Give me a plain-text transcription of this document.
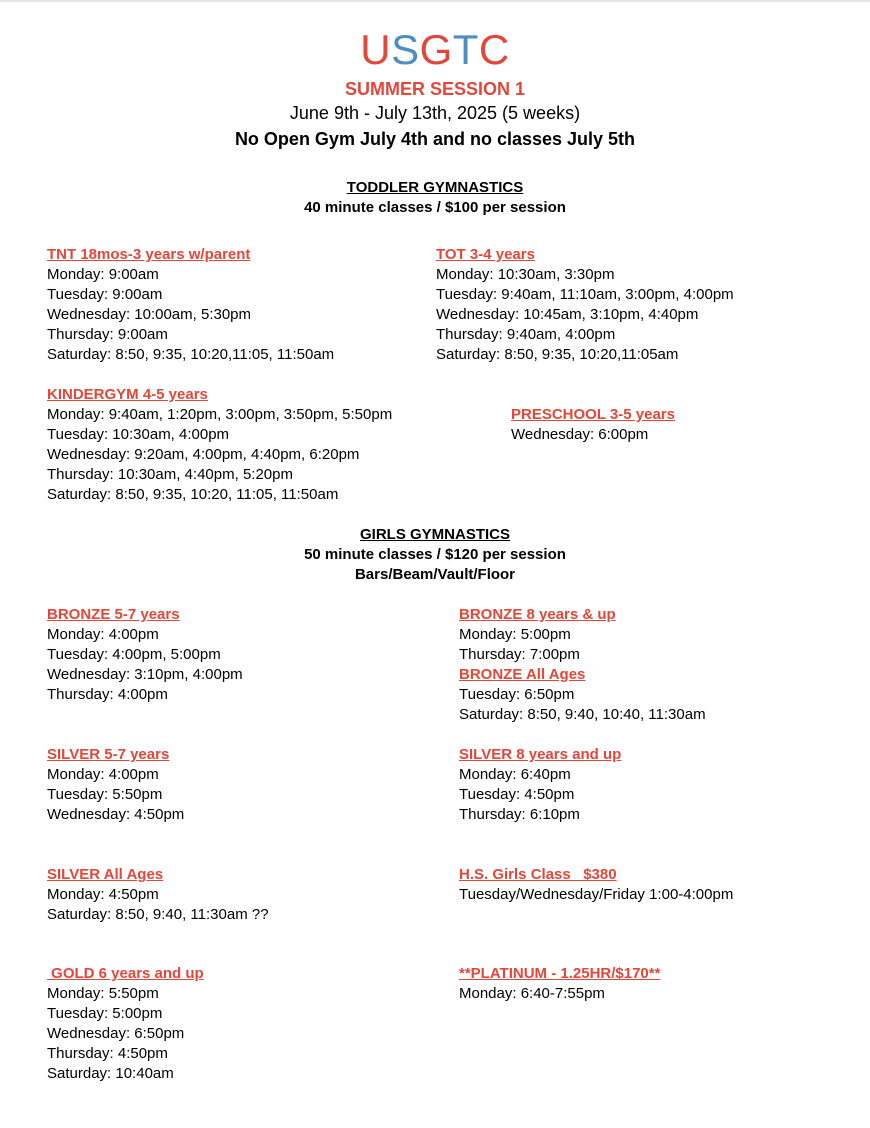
USGTC
SUMMER SESSION 1
June 9th - July 13th, 2025 (5 weeks)
No Open Gym July 4th and no classes July 5th
TODDLER GYMNASTICS
40 minute classes / $100 per session
TNT 18mos-3 years w/parent
Monday: 9:00am
Tuesday: 9:00am
Wednesday: 10:00am, 5:30pm
Thursday: 9:00am
Saturday: 8:50, 9:35, 10:20,11:05, 11:50am
TOT 3-4 years
Monday: 10:30am, 3:30pm
Tuesday: 9:40am, 11:10am, 3:00pm, 4:00pm
Wednesday: 10:45am, 3:10pm, 4:40pm
Thursday: 9:40am, 4:00pm
Saturday: 8:50, 9:35, 10:20,11:05am
KINDERGYM 4-5 years
Monday: 9:40am, 1:20pm, 3:00pm, 3:50pm, 5:50pm
Tuesday: 10:30am, 4:00pm
Wednesday: 9:20am, 4:00pm, 4:40pm, 6:20pm
Thursday: 10:30am, 4:40pm, 5:20pm
Saturday: 8:50, 9:35, 10:20, 11:05, 11:50am
PRESCHOOL 3-5 years
Wednesday: 6:00pm
GIRLS GYMNASTICS
50 minute classes / $120 per session
Bars/Beam/Vault/Floor
BRONZE 5-7 years
Monday: 4:00pm
Tuesday: 4:00pm, 5:00pm
Wednesday: 3:10pm, 4:00pm
Thursday: 4:00pm
BRONZE 8 years & up
Monday: 5:00pm
Thursday: 7:00pm
BRONZE All Ages
Tuesday: 6:50pm
Saturday: 8:50, 9:40, 10:40, 11:30am
SILVER 5-7 years
Monday: 4:00pm
Tuesday: 5:50pm
Wednesday: 4:50pm
SILVER 8 years and up
Monday: 6:40pm
Tuesday: 4:50pm
Thursday: 6:10pm
SILVER All Ages
Monday: 4:50pm
Saturday: 8:50, 9:40, 11:30am ??
H.S. Girls Class   $380
Tuesday/Wednesday/Friday 1:00-4:00pm
GOLD 6 years and up
Monday: 5:50pm
Tuesday: 5:00pm
Wednesday: 6:50pm
Thursday: 4:50pm
Saturday: 10:40am
**PLATINUM - 1.25HR/$170**
Monday: 6:40-7:55pm
